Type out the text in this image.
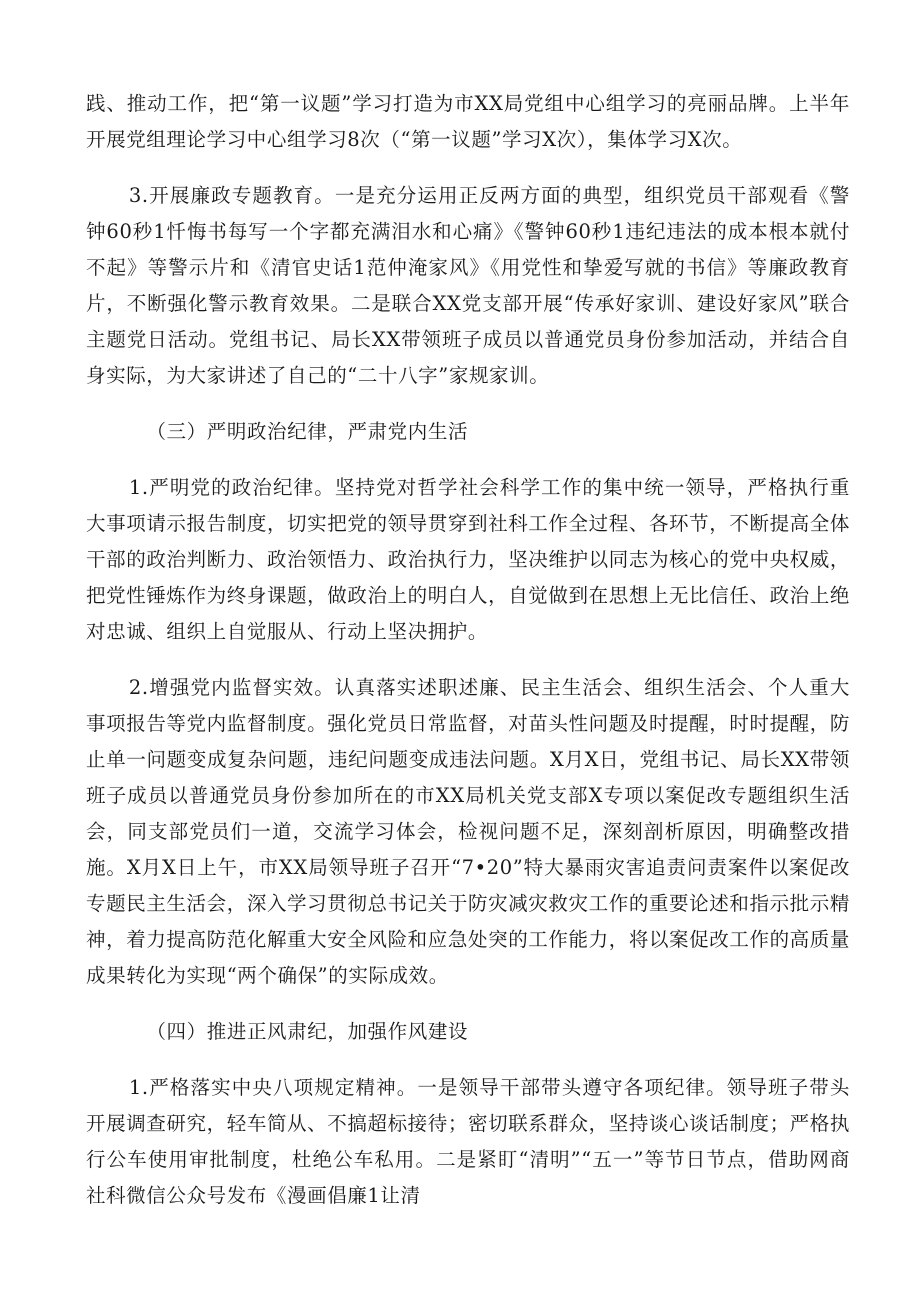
践、推动工作，把“第一议题”学习打造为市XX局党组中心组学习的亮丽品牌。上半年开展党组理论学习中心组学习8次（“第一议题”学习X次），集体学习X次。

3.开展廉政专题教育。一是充分运用正反两方面的典型，组织党员干部观看《警钟60秒1忏悔书每写一个字都充满泪水和心痛》《警钟60秒1违纪违法的成本根本就付不起》等警示片和《清官史话1范仲淹家风》《用党性和挚爱写就的书信》等廉政教育片，不断强化警示教育效果。二是联合XX党支部开展“传承好家训、建设好家风”联合主题党日活动。党组书记、局长XX带领班子成员以普通党员身份参加活动，并结合自身实际，为大家讲述了自己的“二十八字”家规家训。

（三）严明政治纪律，严肃党内生活

1.严明党的政治纪律。坚持党对哲学社会科学工作的集中统一领导，严格执行重大事项请示报告制度，切实把党的领导贯穿到社科工作全过程、各环节，不断提高全体干部的政治判断力、政治领悟力、政治执行力，坚决维护以同志为核心的党中央权威，把党性锤炼作为终身课题，做政治上的明白人，自觉做到在思想上无比信任、政治上绝对忠诚、组织上自觉服从、行动上坚决拥护。

2.增强党内监督实效。认真落实述职述廉、民主生活会、组织生活会、个人重大事项报告等党内监督制度。强化党员日常监督，对苗头性问题及时提醒，时时提醒，防止单一问题变成复杂问题，违纪问题变成违法问题。X月X日，党组书记、局长XX带领班子成员以普通党员身份参加所在的市XX局机关党支部X专项以案促改专题组织生活会，同支部党员们一道，交流学习体会，检视问题不足，深刻剖析原因，明确整改措施。X月X日上午，市XX局领导班子召开“7•20”特大暴雨灾害追责问责案件以案促改专题民主生活会，深入学习贯彻总书记关于防灾减灾救灾工作的重要论述和指示批示精神，着力提高防范化解重大安全风险和应急处突的工作能力，将以案促改工作的高质量成果转化为实现“两个确保”的实际成效。

（四）推进正风肃纪，加强作风建设

1.严格落实中央八项规定精神。一是领导干部带头遵守各项纪律。领导班子带头开展调查研究，轻车简从、不搞超标接待；密切联系群众，坚持谈心谈话制度；严格执行公车使用审批制度，杜绝公车私用。二是紧盯“清明”“五一”等节日节点，借助网商社科微信公众号发布《漫画倡廉1让清
